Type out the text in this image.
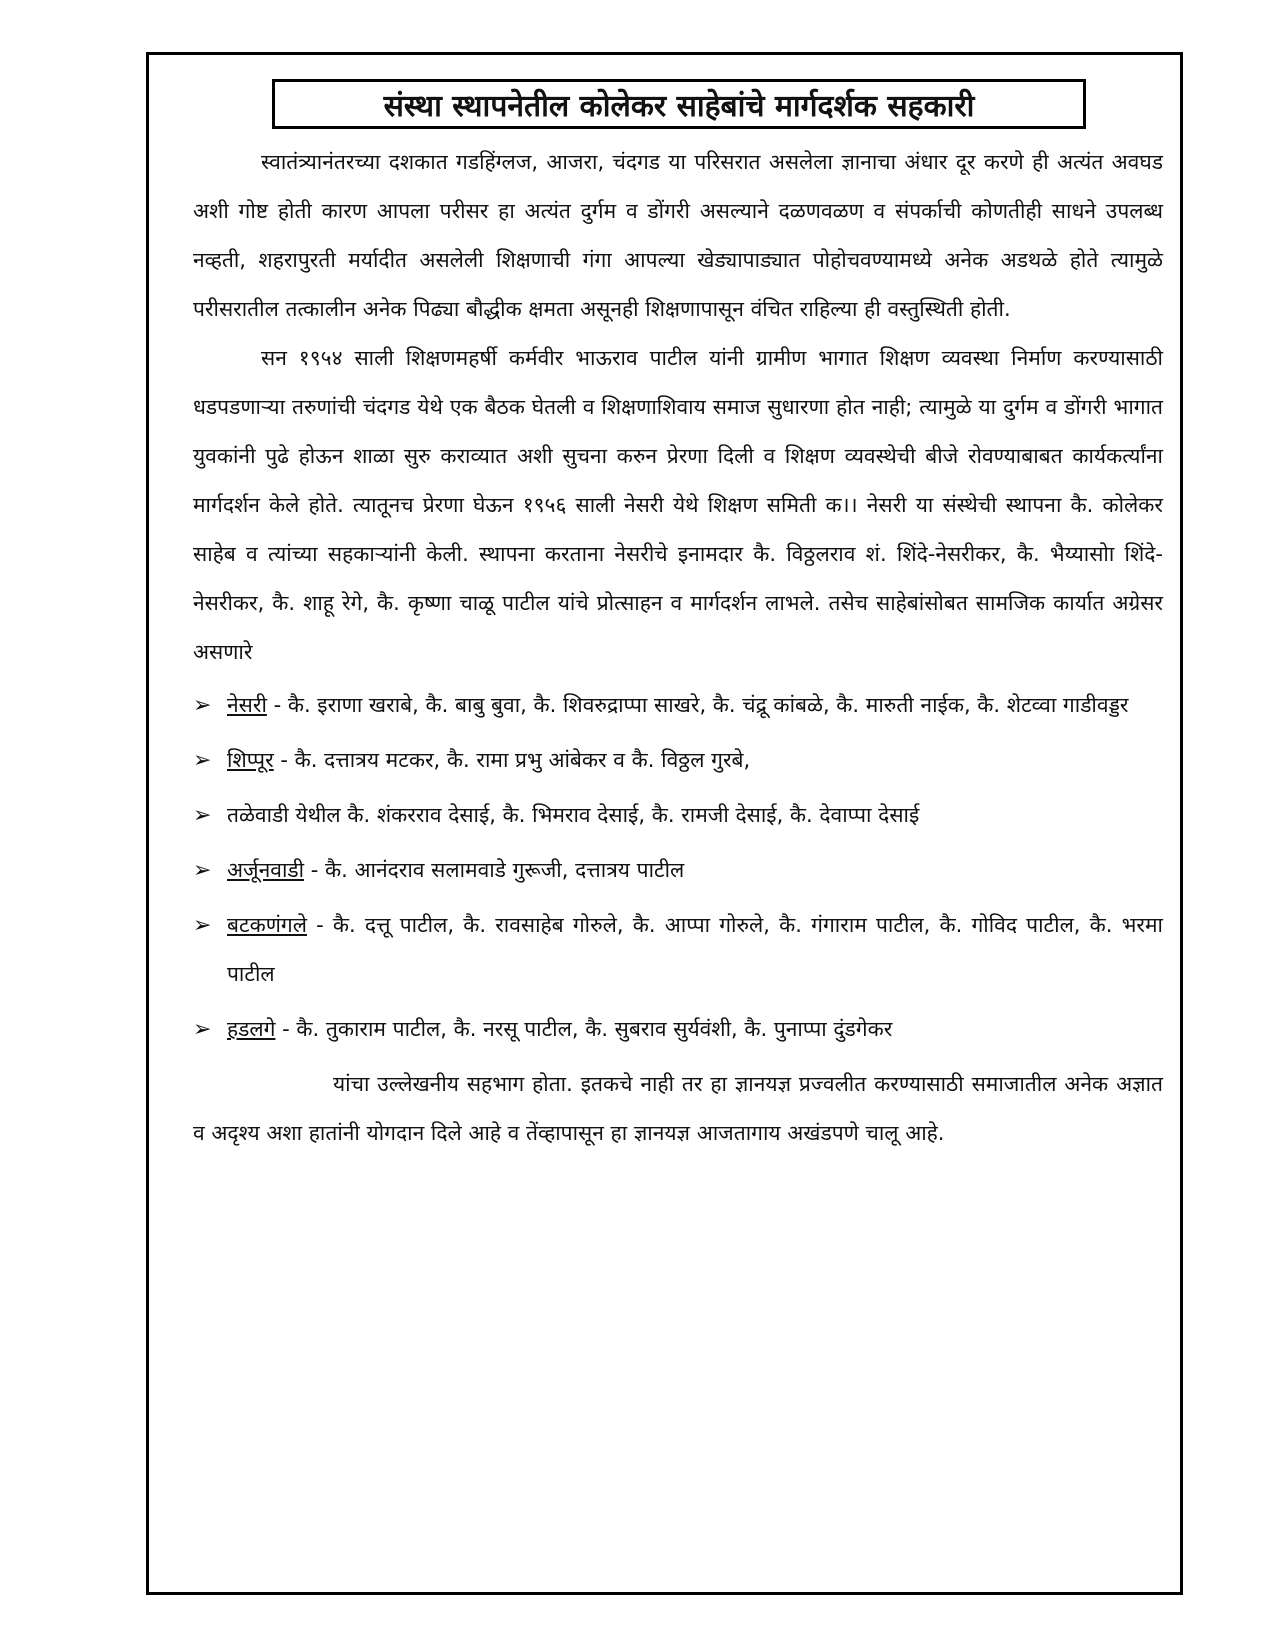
संस्था स्थापनेतील कोलेकर साहेबांचे मार्गदर्शक सहकारी

स्वातंत्र्यानंतरच्या दशकात गडहिंग्लज, आजरा, चंदगड या परिसरात असलेला ज्ञानाचा अंधार दूर करणे ही अत्यंत अवघड अशी गोष्ट होती कारण आपला परीसर हा अत्यंत दुर्गम व डोंगरी असल्याने दळणवळण व संपर्काची कोणतीही साधने उपलब्ध नव्हती, शहरापुरती मर्यादीत असलेली शिक्षणाची गंगा आपल्या खेड्यापाड्यात पोहोचवण्यामध्ये अनेक अडथळे होते त्यामुळे परीसरातील तत्कालीन अनेक पिढ्या बौद्धीक क्षमता असूनही शिक्षणापासून वंचित राहिल्या ही वस्तुस्थिती होती.

सन १९५४ साली शिक्षणमहर्षी कर्मवीर भाऊराव पाटील यांनी ग्रामीण भागात शिक्षण व्यवस्था निर्माण करण्यासाठी धडपडणाऱ्या तरुणांची चंदगड येथे एक बैठक घेतली व शिक्षणाशिवाय समाज सुधारणा होत नाही; त्यामुळे या दुर्गम व डोंगरी भागात युवकांनी पुढे होऊन शाळा सुरु कराव्यात अशी सुचना करुन प्रेरणा दिली व शिक्षण व्यवस्थेची बीजे रोवण्याबाबत कार्यकर्त्यांना मार्गदर्शन केले होते. त्यातूनच प्रेरणा घेऊन १९५६ साली नेसरी येथे शिक्षण समिती क।। नेसरी या संस्थेची स्थापना कै. कोलेकर साहेब व त्यांच्या सहकाऱ्यांनी केली. स्थापना करताना नेसरीचे इनामदार कै. विठ्ठलराव शं. शिंदे-नेसरीकर, कै. भैय्यासोा शिंदे-नेसरीकर, कै. शाहू रेगे, कै. कृष्णा चाळू पाटील यांचे प्रोत्साहन व मार्गदर्शन लाभले. तसेच साहेबांसोबत सामजिक कार्यात अग्रेसर असणारे

➢ नेसरी - कै. इराणा खराबे, कै. बाबु बुवा, कै. शिवरुद्राप्पा साखरे, कै. चंद्रू कांबळे, कै. मारुती नाईक, कै. शेटव्वा गाडीवड्डर
➢ शिप्पूर - कै. दत्तात्रय मटकर, कै. रामा प्रभु आंबेकर व कै. विठ्ठल गुरबे,
➢ तळेवाडी येथील कै. शंकरराव देसाई, कै. भिमराव देसाई, कै. रामजी देसाई, कै. देवाप्पा देसाई
➢ अर्जूनवाडी - कै. आनंदराव सलामवाडे गुरूजी, दत्तात्रय पाटील
➢ बटकणंगले - कै. दत्तू पाटील, कै. रावसाहेब गोरुले, कै. आप्पा गोरुले, कै. गंगाराम पाटील, कै. गोविद पाटील, कै. भरमा पाटील
➢ हडलगे - कै. तुकाराम पाटील, कै. नरसू पाटील, कै. सुबराव सुर्यवंशी, कै. पुनाप्पा दुंडगेकर

यांचा उल्लेखनीय सहभाग होता. इतकचे नाही तर हा ज्ञानयज्ञ प्रज्वलीत करण्यासाठी समाजातील अनेक अज्ञात व अदृश्य अशा हातांनी योगदान दिले आहे व तेंव्हापासून हा ज्ञानयज्ञ आजतागाय अखंडपणे चालू आहे.
